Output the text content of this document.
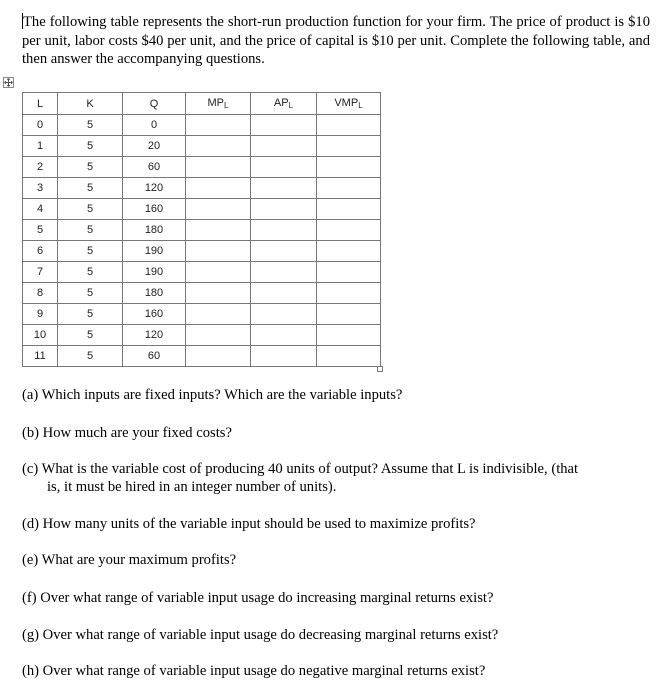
The following table represents the short-run production function for your firm. The price of product is $10 per unit, labor costs $40 per unit, and the price of capital is $10 per unit. Complete the following table, and then answer the accompanying questions.

L	K	Q	$MP_L$	$AP_L$	$VMP_L$
0	5	0			
1	5	20			
2	5	60			
3	5	120			
4	5	160			
5	5	180			
6	5	190			
7	5	190			
8	5	180			
9	5	160			
10	5	120			
11	5	60			

(a) Which inputs are fixed inputs? Which are the variable inputs?

(b) How much are your fixed costs?

(c) What is the variable cost of producing 40 units of output? Assume that L is indivisible, (that
is, it must be hired in an integer number of units).

(d) How many units of the variable input should be used to maximize profits?

(e) What are your maximum profits?

(f) Over what range of variable input usage do increasing marginal returns exist?

(g) Over what range of variable input usage do decreasing marginal returns exist?

(h) Over what range of variable input usage do negative marginal returns exist?
